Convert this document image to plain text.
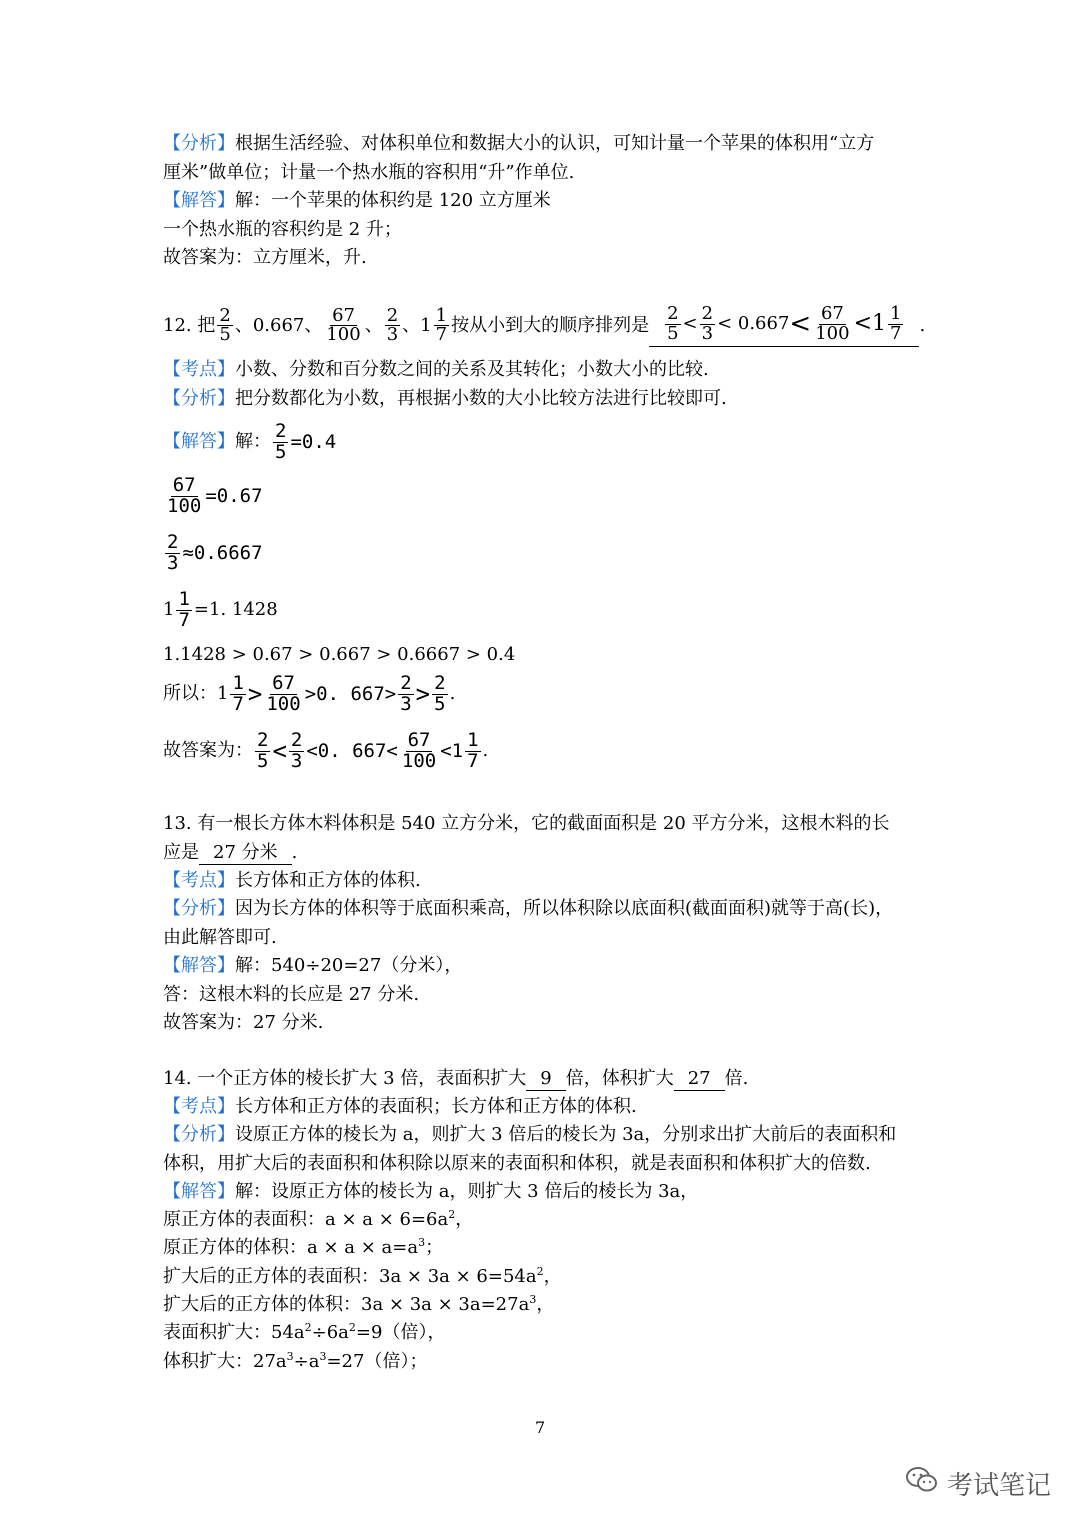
【分析】根据生活经验、对体积单位和数据大小的认识，可知计量一个苹果的体积用“立方
厘米”做单位；计量一个热水瓶的容积用“升”作单位.
【解答】解：一个苹果的体积约是 120 立方厘米
一个热水瓶的容积约是 2 升；
故答案为：立方厘米，升.
12.
把 $\frac{2}{5}$ 、0.667、 $\frac{67}{100}$ 、 $\frac{2}{3}$ 、$1 \frac{1}{7}$ 按从小到大的顺序排列是 $\frac{2}{5} < \frac{2}{3} < 0.667 < \frac{67}{100} <1 \frac{1}{7}$ .
【考点】小数、分数和百分数之间的关系及其转化；小数大小的比较.
【分析】把分数都化为小数，再根据小数的大小比较方法进行比较即可.
【解答】 解： $\frac{2}{5} =0.4$
$\frac{67}{100} =0.67$
$\frac{2}{3} \approx 0.6667$
$1 \frac{1}{7} =1$. 1428
1.1428 > 0.67 > 0.667 > 0.6667 > 0.4
所以： $1 \frac{1}{7} > \frac{67}{100} >0$. $667> \frac{2}{3} > \frac{2}{5}$ .
故答案为： $\frac{2}{5} < \frac{2}{3} <0$. $667< \frac{67}{100} <1 \frac{1}{7}$ .
13. 有一根长方体木料体积是 540 立方分米，它的截面面积是 20 平方分米，这根木料的长
应是 27 分米 .
【考点】长方体和正方体的体积.
【分析】因为长方体的体积等于底面积乘高，所以体积除以底面积(截面面积)就等于高(长)，
由此解答即可.
【解答】解：540÷20=27（分米），
答：这根木料的长应是 27 分米.
故答案为：27 分米.
14. 一个正方体的棱长扩大 3 倍，表面积扩大 9 倍，体积扩大 27 倍.
【考点】长方体和正方体的表面积；长方体和正方体的体积.
【分析】设原正方体的棱长为 a，则扩大 3 倍后的棱长为 3a，分别求出扩大前后的表面积和
体积，用扩大后的表面积和体积除以原来的表面积和体积，就是表面积和体积扩大的倍数.
【解答】解：设原正方体的棱长为 a，则扩大 3 倍后的棱长为 3a，
原正方体的表面积：$a \times a \times 6=6a^2$，
原正方体的体积：$a \times a \times a=a^3$；
扩大后的正方体的表面积：$3a \times 3a \times 6=54a^2$，
扩大后的正方体的体积：$3a \times 3a \times 3a=27a^3$，
表面积扩大：$54a^2\div 6a^2=9$（倍），
体积扩大：$27a^3\div a^3=27$（倍）；
7
考试笔记
